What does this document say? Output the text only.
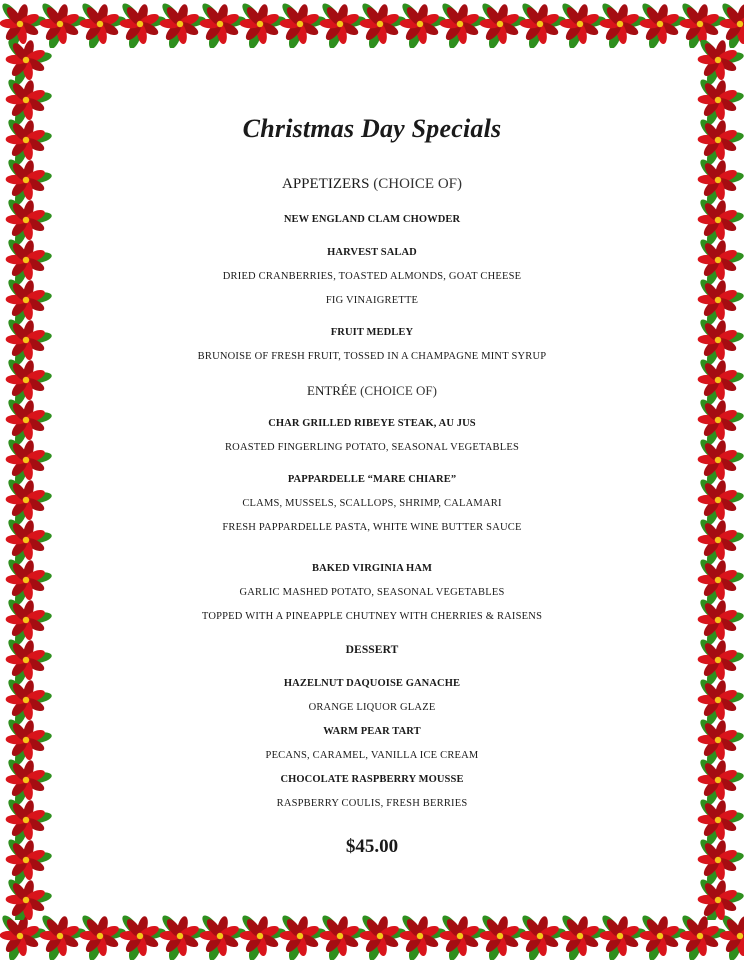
Christmas Day Specials
APPETIZERS (CHOICE OF)
NEW ENGLAND CLAM CHOWDER
HARVEST SALAD
DRIED CRANBERRIES, TOASTED ALMONDS, GOAT CHEESE
FIG VINAIGRETTE
FRUIT MEDLEY
BRUNOISE OF FRESH FRUIT, TOSSED IN A CHAMPAGNE MINT SYRUP
ENTRÉE (CHOICE OF)
CHAR GRILLED RIBEYE STEAK, AU JUS
ROASTED FINGERLING POTATO, SEASONAL VEGETABLES
PAPPARDELLE “MARE CHIARE”
CLAMS, MUSSELS, SCALLOPS, SHRIMP, CALAMARI
FRESH PAPPARDELLE PASTA, WHITE WINE BUTTER SAUCE
BAKED VIRGINIA HAM
GARLIC MASHED POTATO, SEASONAL VEGETABLES
TOPPED WITH A PINEAPPLE CHUTNEY WITH CHERRIES & RAISENS
DESSERT
HAZELNUT DAQUOISE GANACHE
ORANGE LIQUOR GLAZE
WARM PEAR TART
PECANS, CARAMEL, VANILLA ICE CREAM
CHOCOLATE RASPBERRY MOUSSE
RASPBERRY COULIS, FRESH BERRIES
$45.00
